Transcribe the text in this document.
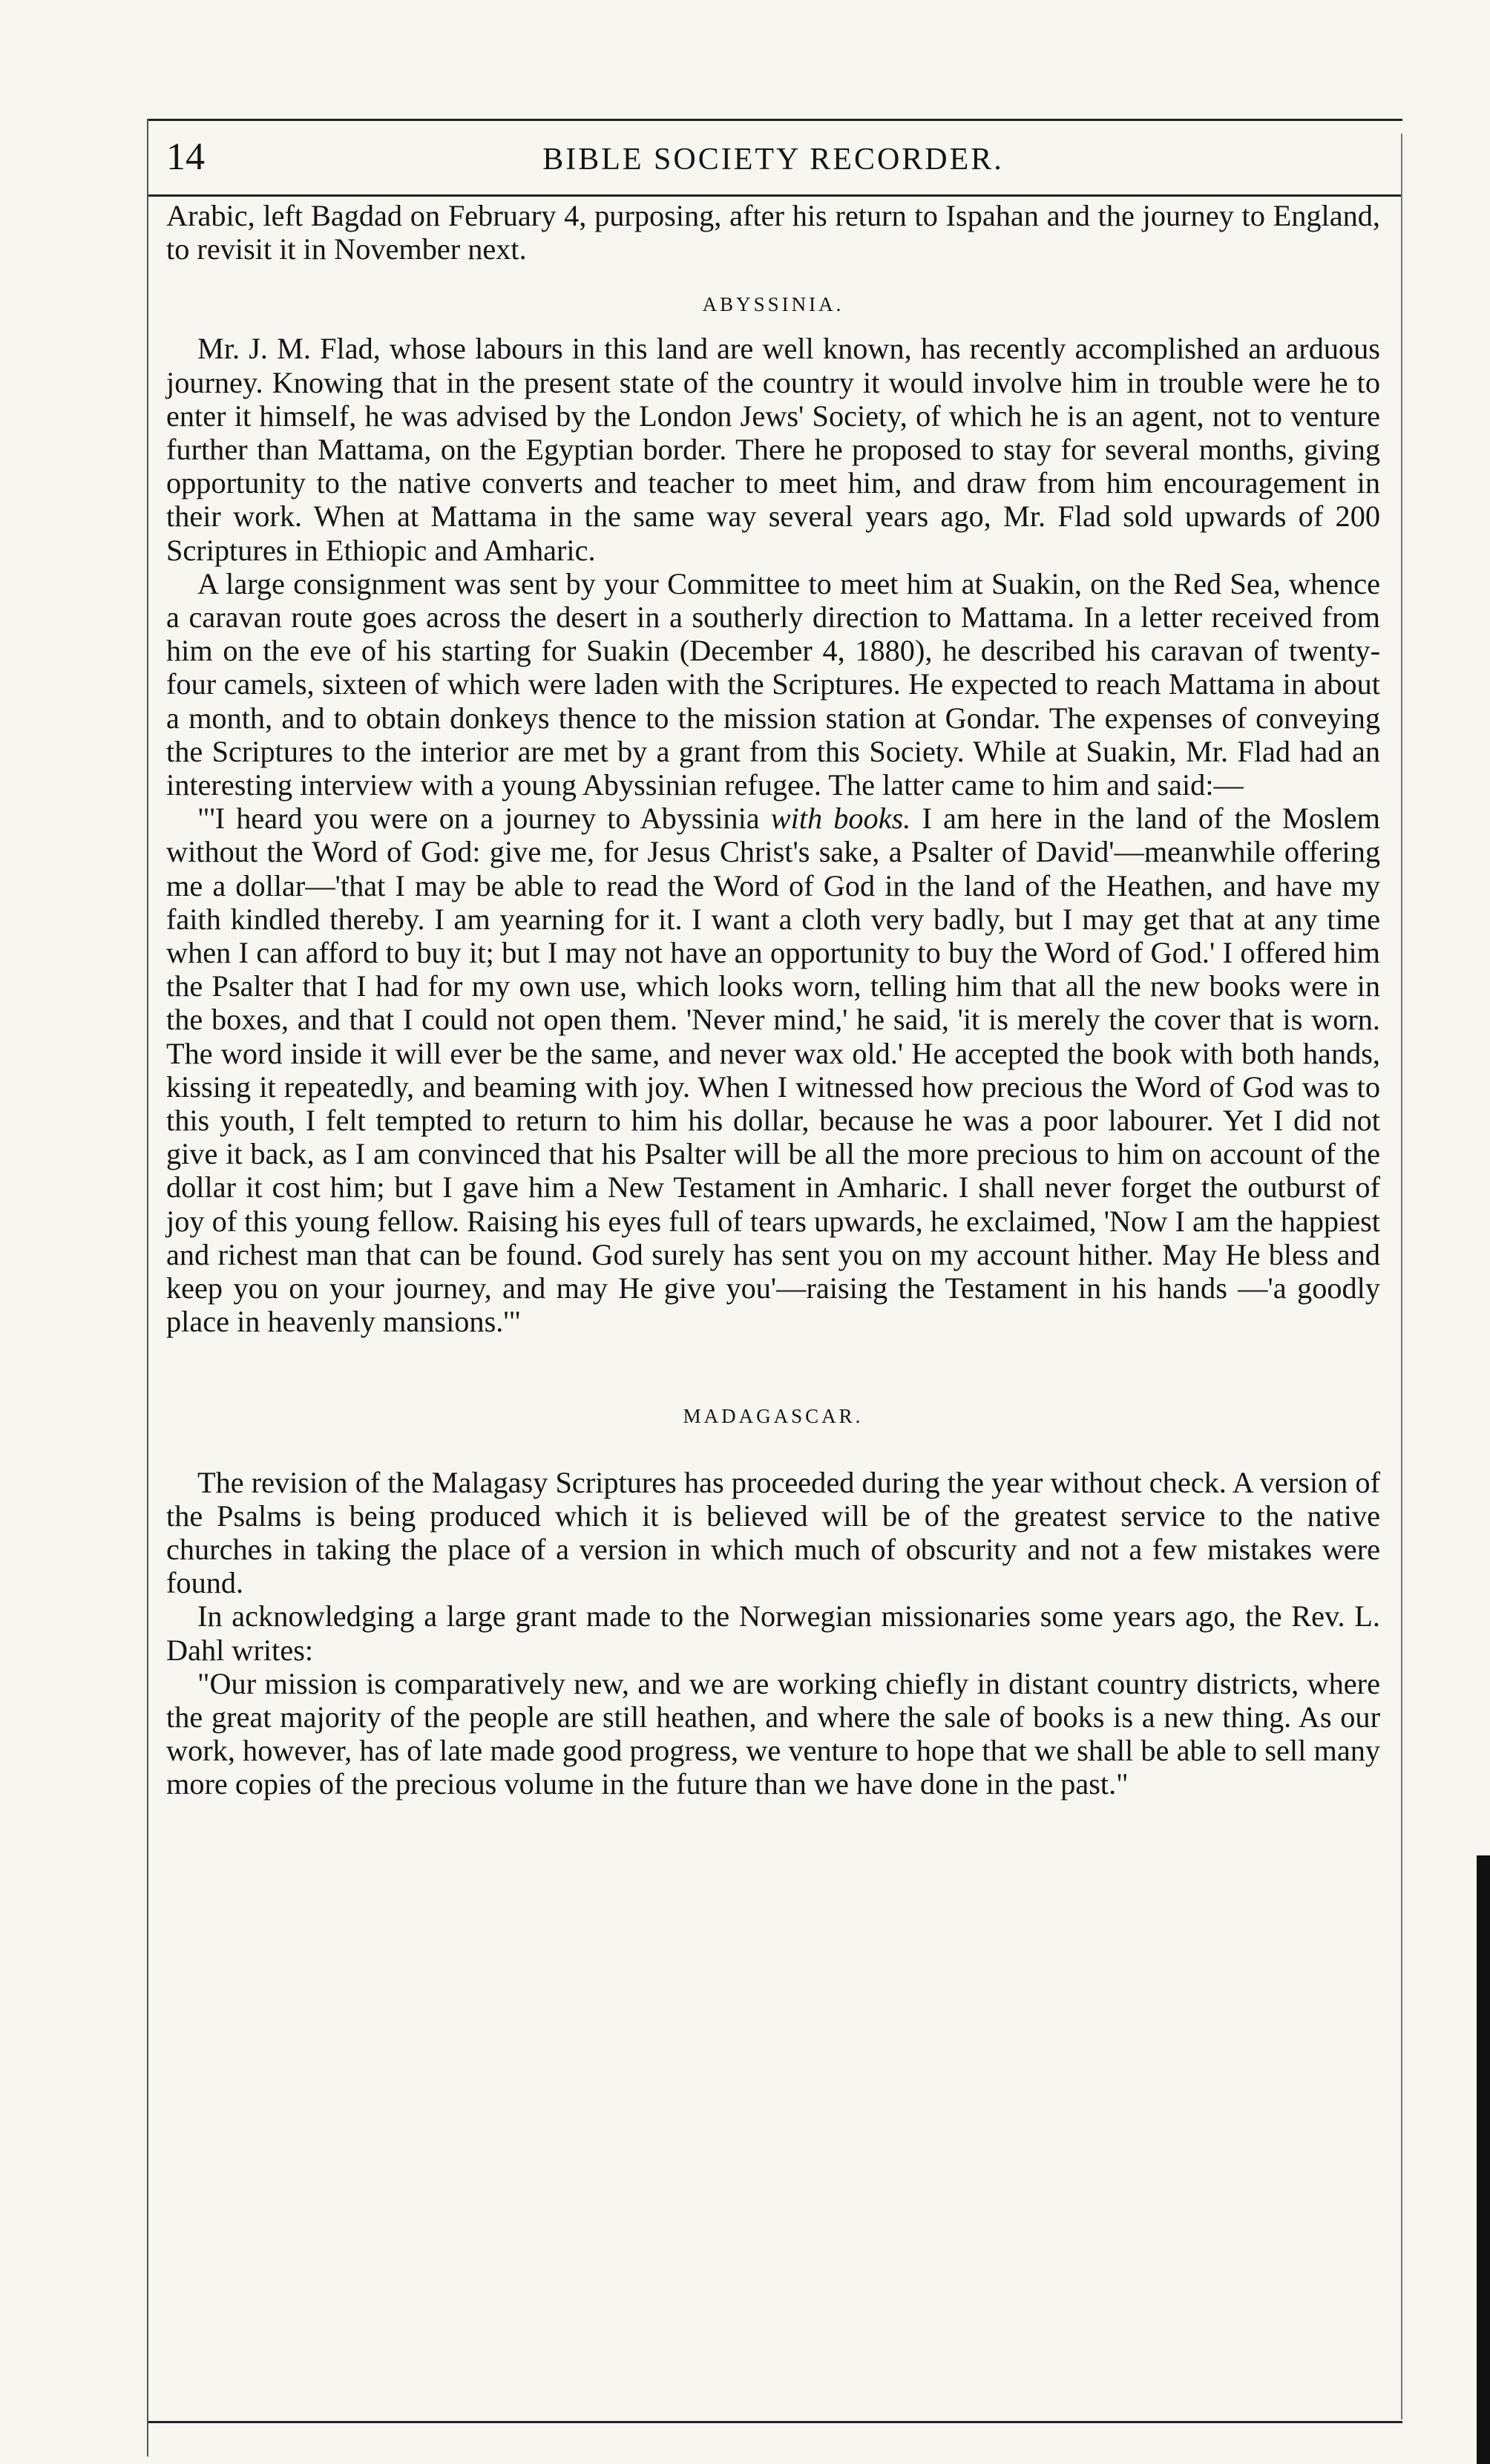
14	BIBLE SOCIETY RECORDER.

Arabic, left Bagdad on February 4, purposing, after his return to Ispahan and the journey to England, to revisit it in November next.

ABYSSINIA.

Mr. J. M. Flad, whose labours in this land are well known, has recently accomplished an arduous journey. Knowing that in the present state of the country it would involve him in trouble were he to enter it himself, he was advised by the London Jews' Society, of which he is an agent, not to venture further than Mattama, on the Egyptian border. There he proposed to stay for several months, giving opportunity to the native converts and teacher to meet him, and draw from him encouragement in their work. When at Mattama in the same way several years ago, Mr. Flad sold upwards of 200 Scriptures in Ethiopic and Amharic.

A large consignment was sent by your Committee to meet him at Suakin, on the Red Sea, whence a caravan route goes across the desert in a southerly direction to Mattama. In a letter received from him on the eve of his starting for Suakin (December 4, 1880), he described his caravan of twenty-four camels, sixteen of which were laden with the Scriptures. He expected to reach Mattama in about a month, and to obtain donkeys thence to the mission station at Gondar. The expenses of conveying the Scriptures to the interior are met by a grant from this Society. While at Suakin, Mr. Flad had an interesting interview with a young Abyssinian refugee. The latter came to him and said:—

"'I heard you were on a journey to Abyssinia with books. I am here in the land of the Moslem without the Word of God: give me, for Jesus Christ's sake, a Psalter of David'—meanwhile offering me a dollar—'that I may be able to read the Word of God in the land of the Heathen, and have my faith kindled thereby. I am yearning for it. I want a cloth very badly, but I may get that at any time when I can afford to buy it; but I may not have an opportunity to buy the Word of God.' I offered him the Psalter that I had for my own use, which looks worn, telling him that all the new books were in the boxes, and that I could not open them. 'Never mind,' he said, 'it is merely the cover that is worn. The word inside it will ever be the same, and never wax old.' He accepted the book with both hands, kissing it repeatedly, and beaming with joy. When I witnessed how precious the Word of God was to this youth, I felt tempted to return to him his dollar, because he was a poor labourer. Yet I did not give it back, as I am convinced that his Psalter will be all the more precious to him on account of the dollar it cost him; but I gave him a New Testament in Amharic. I shall never forget the outburst of joy of this young fellow. Raising his eyes full of tears upwards, he exclaimed, 'Now I am the happiest and richest man that can be found. God surely has sent you on my account hither. May He bless and keep you on your journey, and may He give you'—raising the Testament in his hands —'a goodly place in heavenly mansions.'"

MADAGASCAR.

The revision of the Malagasy Scriptures has proceeded during the year without check. A version of the Psalms is being produced which it is believed will be of the greatest service to the native churches in taking the place of a version in which much of obscurity and not a few mistakes were found.

In acknowledging a large grant made to the Norwegian missionaries some years ago, the Rev. L. Dahl writes:

"Our mission is comparatively new, and we are working chiefly in distant country districts, where the great majority of the people are still heathen, and where the sale of books is a new thing. As our work, however, has of late made good progress, we venture to hope that we shall be able to sell many more copies of the precious volume in the future than we have done in the past."
